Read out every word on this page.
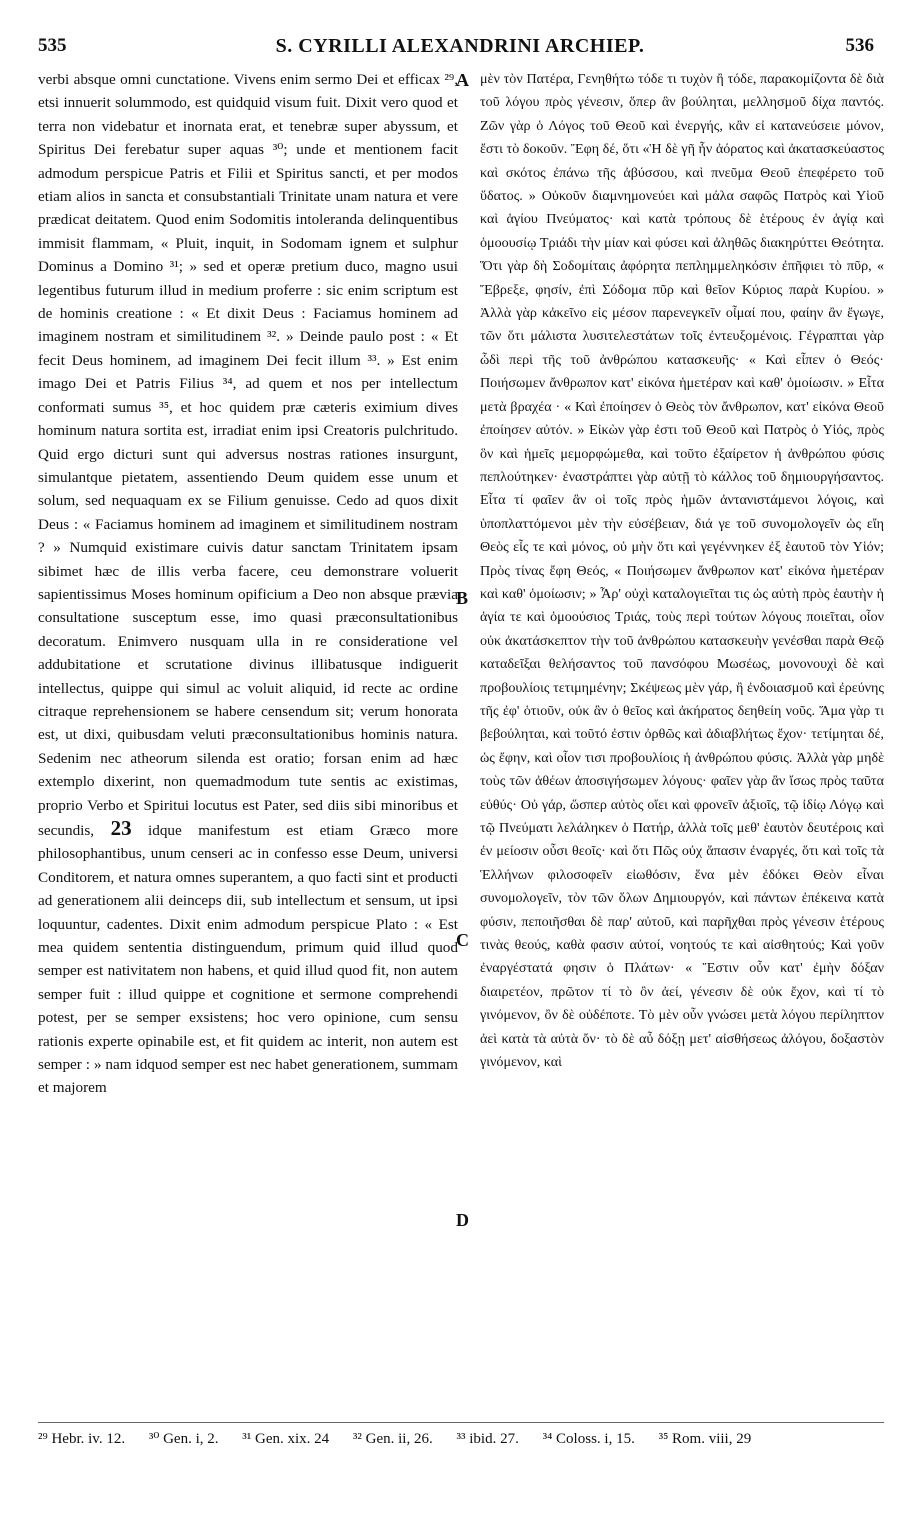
S. CYRILLI ALEXANDRINI ARCHIEP.
535	536

verbi absque omni cunctatione. Vivens enim sermo Dei et efficax ²⁹, etsi innuerit solummodo, est quidquid visum fuit. Dixit vero quod et terra non videbatur et inornata erat, et tenebræ super abyssum, et Spiritus Dei ferebatur super aquas ³⁰; unde et mentionem facit admodum perspicue Patris et Filii et Spiritus sancti, et per modos etiam alios in sancta et consubstantiali Trinitate unam natura et vere prædicat deitatem. Quod enim Sodomitis intoleranda delinquentibus immisit flammam, « Pluit, inquit, in Sodomam ignem et sulphur Dominus a Domino ³¹; » sed et operæ pretium duco, magno usui legentibus futurum illud in medium proferre : sic enim scriptum est de hominis creatione : « Et dixit Deus : Faciamus hominem ad imaginem nostram et similitudinem ³². » Deinde paulo post : « Et fecit Deus hominem, ad imaginem Dei fecit illum ³³. » Est enim imago Dei et Patris Filius ³⁴, ad quem et nos per intellectum conformati sumus ³⁵, et hoc quidem præ cæteris eximium dives hominum natura sortita est, irradiat enim ipsi Creatoris pulchritudo. Quid ergo dicturi sunt qui adversus nostras rationes insurgunt, simulantque pietatem, assentiendo Deum quidem esse unum et solum, sed nequaquam ex se Filium genuisse. Cedo ad quos dixit Deus : « Faciamus hominem ad imaginem et similitudinem nostram ? » Numquid existimare cuivis datur sanctam Trinitatem ipsam sibimet hæc de illis verba facere, ceu demonstrare voluerit sapientissimus Moses hominum opificium a Deo non absque prævia consultatione susceptum esse, imo quasi præconsultationibus decoratum. Enimvero nusquam ulla in re consideratione vel addubitatione et scrutatione divinus illibatusque indiguerit intellectus, quippe qui simul ac voluit aliquid, id recte ac ordine citraque reprehensionem se habere censendum sit; verum honorata est, ut dixi, quibusdam veluti præconsultationibus hominis natura. Sedenim nec atheorum silenda est oratio; forsan enim ad hæc extemplo dixerint, non quemadmodum tute sentis ac existimas, proprio Verbo et Spiritui locutus est Pater, sed diis sibi minoribus et secundis, 23 idque manifestum est etiam Græco more philosophantibus, unum censeri ac in confesso esse Deum, universi Conditorem, et natura omnes superantem, a quo facti sint et producti ad generationem alii deinceps dii, sub intellectum et sensum, ut ipsi loquuntur, cadentes. Dixit enim admodum perspicue Plato : « Est mea quidem sententia distinguendum, primum quid illud quod semper est nativitatem non habens, et quid illud quod fit, non autem semper fuit : illud quippe et cognitione et sermone comprehendi potest, per se semper exsistens; hoc vero opinione, cum sensu rationis experte opinabile est, et fit quidem ac interit, non autem est semper : » nam idquod semper est nec habet generationem, summam et majorem

A
B
C
D

μὲν τὸν Πατέρα, Γενηθήτω τόδε τι τυχὸν ἢ τόδε, παρακομίζοντα δὲ διὰ τοῦ λόγου πρὸς γένεσιν, ὅπερ ἂν βούληται, μελλησμοῦ δίχα παντός. Ζῶν γὰρ ὁ Λόγος τοῦ Θεοῦ καὶ ἐνεργής, κἂν εἰ κατανεύσειε μόνον, ἔστι τὸ δοκοῦν. Ἔφη δέ, ὅτι «Ἡ δὲ γῆ ἦν ἀόρατος καὶ ἀκατασκεύαστος καὶ σκότος ἐπάνω τῆς ἀβύσσου, καὶ πνεῦμα Θεοῦ ἐπεφέρετο τοῦ ὕδατος. » Οὐκοῦν διαμνημονεύει καὶ μάλα σαφῶς Πατρὸς καὶ Υἱοῦ καὶ ἁγίου Πνεύματος· καὶ κατὰ τρόπους δὲ ἑτέρους ἐν ἁγίᾳ καὶ ὁμοουσίῳ Τριάδι τὴν μίαν καὶ φύσει καὶ ἀληθῶς διακηρύττει Θεότητα. Ὅτι γὰρ δὴ Σοδομίταις ἀφόρητα πεπλημμεληκόσιν ἐπῆφιει τὸ πῦρ, « Ἔβρεξε, φησίν, ἐπὶ Σόδομα πῦρ καὶ θεῖον Κύριος παρὰ Κυρίου. » Ἀλλὰ γὰρ κἀκεῖνο εἰς μέσον παρενεγκεῖν οἶμαί που, φαίην ἂν ἔγωγε, τῶν ὅτι μάλιστα λυσιτελεστάτων τοῖς ἐντευξομένοις. Γέγραπται γὰρ ὧδὶ περὶ τῆς τοῦ ἀνθρώπου κατασκευῆς· « Καὶ εἶπεν ὁ Θεός· Ποιήσωμεν ἄνθρωπον κατ' εἰκόνα ἡμετέραν καὶ καθ' ὁμοίωσιν. » Εἶτα μετὰ βραχέα · « Καὶ ἐποίησεν ὁ Θεὸς τὸν ἄνθρωπον, κατ' εἰκόνα Θεοῦ ἐποίησεν αὐτόν. » Εἰκὼν γὰρ ἐστι τοῦ Θεοῦ καὶ Πατρὸς ὁ Υἱός, πρὸς ὃν καὶ ἡμεῖς μεμορφώμεθα, καὶ τοῦτο ἐξαίρετον ἡ ἀνθρώπου φύσις πεπλούτηκεν· ἐναστράπτει γὰρ αὐτῇ τὸ κάλλος τοῦ δημιουργήσαντος. Εἶτα τί φαῖεν ἂν οἱ τοῖς πρὸς ἡμῶν ἀντανιστάμενοι λόγοις, καὶ ὑποπλαττόμενοι μὲν τὴν εὐσέβειαν, διά γε τοῦ συνομολογεῖν ὡς εἴη Θεὸς εἷς τε καὶ μόνος, οὐ μὴν ὅτι καὶ γεγέννηκεν ἐξ ἑαυτοῦ τὸν Υἱόν; Πρὸς τίνας ἔφη Θεός, « Ποιήσωμεν ἄνθρωπον κατ' εἰκόνα ἡμετέραν καὶ καθ' ὁμοίωσιν; » Ἆρ' οὐχὶ καταλογιεῖται τις ὡς αὐτὴ πρὸς ἑαυτὴν ἡ ἁγία τε καὶ ὁμοούσιος Τριάς, τοὺς περὶ τούτων λόγους ποιεῖται, οἷον οὐκ ἀκατάσκεπτον τὴν τοῦ ἀνθρώπου κατασκευὴν γενέσθαι παρὰ Θεῷ καταδεῖξαι θελήσαντος τοῦ πανσόφου Μωσέως, μονονουχὶ δὲ καὶ προβουλίοις τετιμημένην; Σκέψεως μὲν γάρ, ἢ ἐνδοιασμοῦ καὶ ἐρεύνης τῆς ἐφ' ὁτιοῦν, οὐκ ἂν ὁ θεῖος καὶ ἀκήρατος δεηθείη νοῦς. Ἅμα γὰρ τι βεβούληται, καὶ τοῦτό ἐστιν ὀρθῶς καὶ ἀδιαβλήτως ἔχον· τετίμηται δέ, ὡς ἔφην, καὶ οἷον τισι προβουλίοις ἡ ἀνθρώπου φύσις. Ἀλλὰ γὰρ μηδὲ τοὺς τῶν ἀθέων ἀποσιγήσωμεν λόγους· φαῖεν γὰρ ἂν ἴσως πρὸς ταῦτα εὐθύς· Οὐ γάρ, ὥσπερ αὐτὸς οἴει καὶ φρονεῖν ἀξιοῖς, τῷ ἰδίῳ Λόγῳ καὶ τῷ Πνεύματι λελάληκεν ὁ Πατήρ, ἀλλὰ τοῖς μεθ' ἑαυτὸν δευτέροις καὶ ἐν μείοσιν οὖσι θεοῖς· καὶ ὅτι Πῶς οὐχ ἅπασιν ἐναργές, ὅτι καὶ τοῖς τὰ Ἑλλήνων φιλοσοφεῖν εἰωθόσιν, ἕνα μὲν ἐδόκει Θεὸν εἶναι συνομολογεῖν, τὸν τῶν ὅλων Δημιουργόν, καὶ πάντων ἐπέκεινα κατὰ φύσιν, πεποιῆσθαι δὲ παρ' αὐτοῦ, καὶ παρῆχθαι πρὸς γένεσιν ἑτέρους τινὰς θεούς, καθὰ φασιν αὐτοί, νοητούς τε καὶ αἰσθητούς; Καὶ γοῦν ἐναργέστατά φησιν ὁ Πλάτων· « Ἔστιν οὖν κατ' ἐμὴν δόξαν διαιρετέον, πρῶτον τί τὸ ὂν ἀεί, γένεσιν δὲ οὐκ ἔχον, καὶ τί τὸ γινόμενον, ὂν δὲ οὐδέποτε. Τὸ μὲν οὖν γνώσει μετὰ λόγου περίληπτον ἀεὶ κατὰ τὰ αὐτὰ ὄν· τὸ δὲ αὖ δόξῃ μετ' αἰσθήσεως ἀλόγου, δοξαστὸν γινόμενον, καὶ

²⁹ Hebr. iv. 12. ³⁰ Gen. i, 2. ³¹ Gen. xix. 24 ³² Gen. ii, 26. ³³ ibid. 27. ³⁴ Coloss. i, 15. ³⁵ Rom. viii, 29
